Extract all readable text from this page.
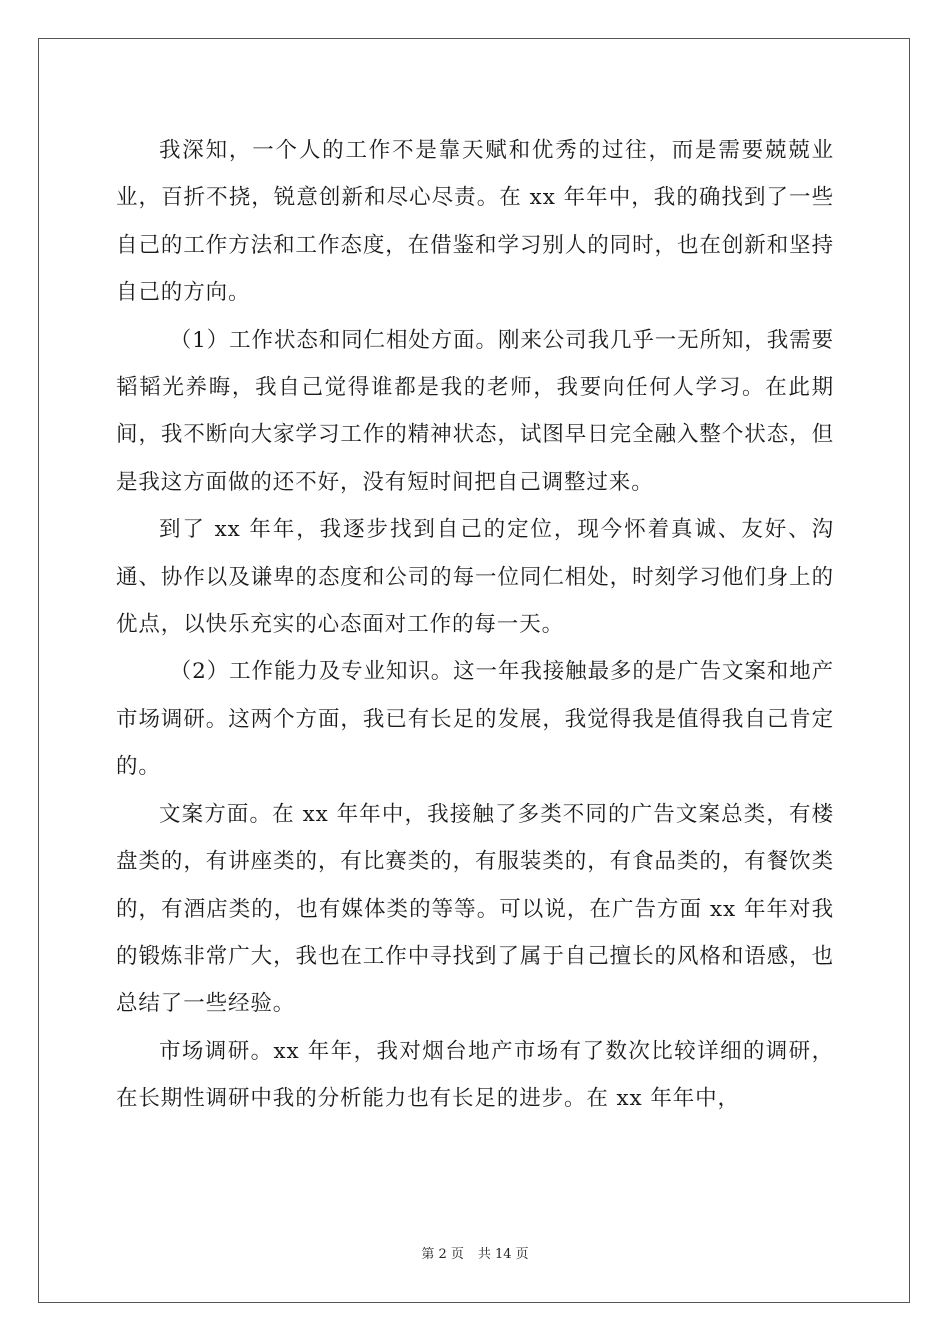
我深知，一个人的工作不是靠天赋和优秀的过往，而是需要兢兢业业，百折不挠，锐意创新和尽心尽责。在 xx 年年中，我的确找到了一些自己的工作方法和工作态度，在借鉴和学习别人的同时，也在创新和坚持自己的方向。

（1）工作状态和同仁相处方面。刚来公司我几乎一无所知，我需要韬韬光养晦，我自己觉得谁都是我的老师，我要向任何人学习。在此期间，我不断向大家学习工作的精神状态，试图早日完全融入整个状态，但是我这方面做的还不好，没有短时间把自己调整过来。

到了 xx 年年，我逐步找到自己的定位，现今怀着真诚、友好、沟通、协作以及谦卑的态度和公司的每一位同仁相处，时刻学习他们身上的优点，以快乐充实的心态面对工作的每一天。

（2）工作能力及专业知识。这一年我接触最多的是广告文案和地产市场调研。这两个方面，我已有长足的发展，我觉得我是值得我自己肯定的。

文案方面。在 xx 年年中，我接触了多类不同的广告文案总类，有楼盘类的，有讲座类的，有比赛类的，有服装类的，有食品类的，有餐饮类的，有酒店类的，也有媒体类的等等。可以说，在广告方面 xx 年年对我的锻炼非常广大，我也在工作中寻找到了属于自己擅长的风格和语感，也总结了一些经验。

市场调研。xx 年年，我对烟台地产市场有了数次比较详细的调研，在长期性调研中我的分析能力也有长足的进步。在 xx 年年中，

第 2 页 共 14 页
